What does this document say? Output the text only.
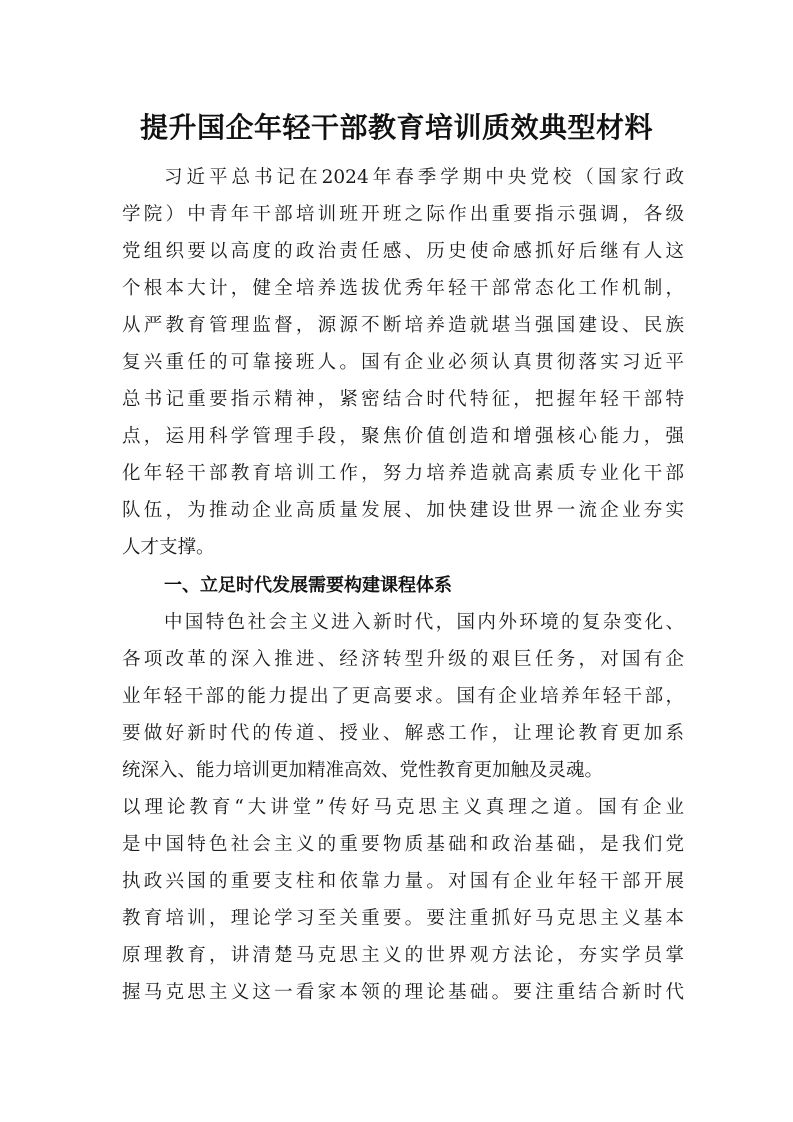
提升国企年轻干部教育培训质效典型材料
习近平总书记在2024年春季学期中央党校（国家行政
学院）中青年干部培训班开班之际作出重要指示强调，各级
党组织要以高度的政治责任感、历史使命感抓好后继有人这
个根本大计，健全培养选拔优秀年轻干部常态化工作机制，
从严教育管理监督，源源不断培养造就堪当强国建设、民族
复兴重任的可靠接班人。国有企业必须认真贯彻落实习近平
总书记重要指示精神，紧密结合时代特征，把握年轻干部特
点，运用科学管理手段，聚焦价值创造和增强核心能力，强
化年轻干部教育培训工作，努力培养造就高素质专业化干部
队伍，为推动企业高质量发展、加快建设世界一流企业夯实
人才支撑。
一、立足时代发展需要构建课程体系
中国特色社会主义进入新时代，国内外环境的复杂变化、
各项改革的深入推进、经济转型升级的艰巨任务，对国有企
业年轻干部的能力提出了更高要求。国有企业培养年轻干部，
要做好新时代的传道、授业、解惑工作，让理论教育更加系
统深入、能力培训更加精准高效、党性教育更加触及灵魂。
以理论教育“大讲堂”传好马克思主义真理之道。国有企业
是中国特色社会主义的重要物质基础和政治基础，是我们党
执政兴国的重要支柱和依靠力量。对国有企业年轻干部开展
教育培训，理论学习至关重要。要注重抓好马克思主义基本
原理教育，讲清楚马克思主义的世界观方法论，夯实学员掌
握马克思主义这一看家本领的理论基础。要注重结合新时代
